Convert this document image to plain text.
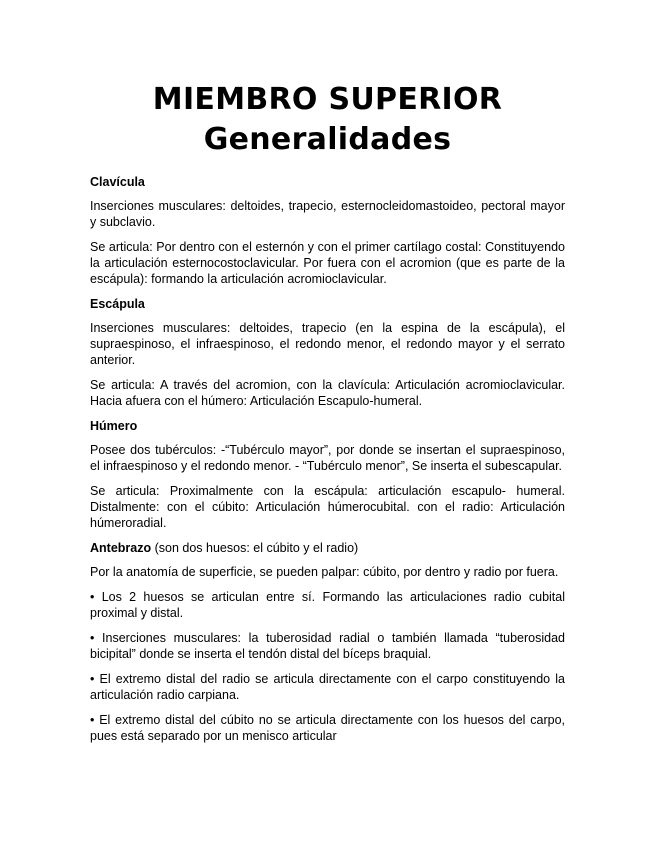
MIEMBRO SUPERIOR
Generalidades
Clavícula

Inserciones musculares: deltoides, trapecio, esternocleidomastoideo, pectoral mayor y subclavio.

Se articula: Por dentro con el esternón y con el primer cartílago costal: Constituyendo la articulación esternocostoclavicular. Por fuera con el acromion (que es parte de la escápula): formando la articulación acromioclavicular.

Escápula

Inserciones musculares: deltoides, trapecio (en la espina de la escápula), el supraespinoso, el infraespinoso, el redondo menor, el redondo mayor y el serrato anterior.

Se articula: A través del acromion, con la clavícula: Articulación acromioclavicular. Hacia afuera con el húmero: Articulación Escapulo-humeral.

Húmero

Posee dos tubérculos: -“Tubérculo mayor”, por donde se insertan el supraespinoso, el infraespinoso y el redondo menor. - “Tubérculo menor”, Se inserta el subescapular.

Se articula: Proximalmente con la escápula: articulación escapulo- humeral. Distalmente: con el cúbito: Articulación húmerocubital. con el radio: Articulación húmeroradial.

Antebrazo (son dos huesos: el cúbito y el radio)

Por la anatomía de superficie, se pueden palpar: cúbito, por dentro y radio por fuera.

• Los 2 huesos se articulan entre sí. Formando las articulaciones radio cubital proximal y distal.

• Inserciones musculares: la tuberosidad radial o también llamada “tuberosidad bicipital” donde se inserta el tendón distal del bíceps braquial.

• El extremo distal del radio se articula directamente con el carpo constituyendo la articulación radio carpiana.

• El extremo distal del cúbito no se articula directamente con los huesos del carpo, pues está separado por un menisco articular
